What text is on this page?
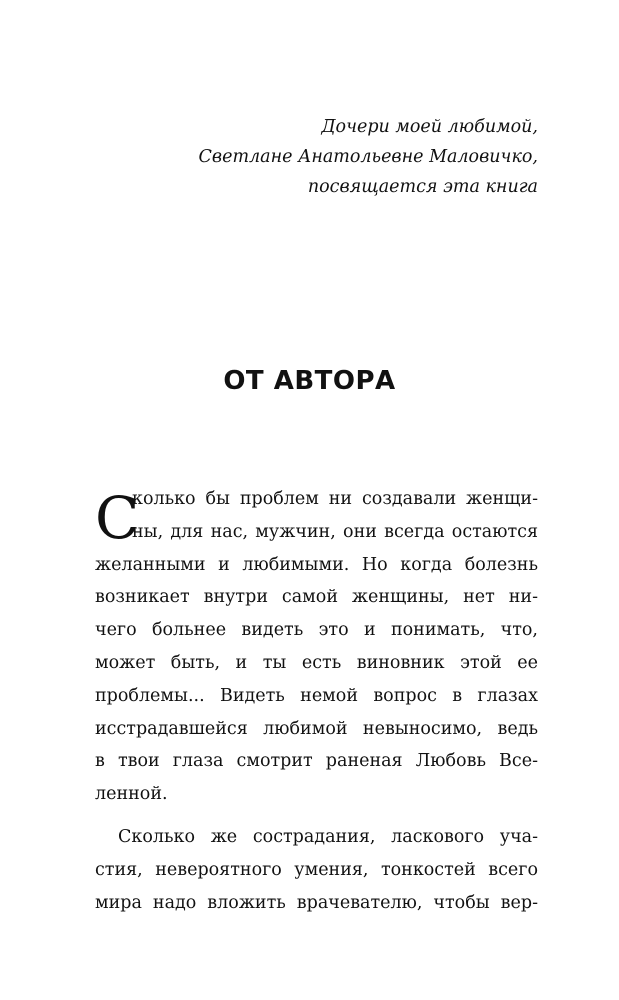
Дочери моей любимой,
Светлане Анатольевне Маловичко,
посвящается эта книга
ОТ АВТОРА
С
колько бы проблем ни создавали женщи-
ны, для нас, мужчин, они всегда остаются
желанными и любимыми. Но когда болезнь
возникает внутри самой женщины, нет ни-
чего больнее видеть это и понимать, что,
может быть, и ты есть виновник этой ее
проблемы... Видеть немой вопрос в глазах
исстрадавшейся любимой невыносимо, ведь
в твои глаза смотрит раненая Любовь Все-
ленной.
Сколько же сострадания, ласкового уча-
стия, невероятного умения, тонкостей всего
мира надо вложить врачевателю, чтобы вер-
